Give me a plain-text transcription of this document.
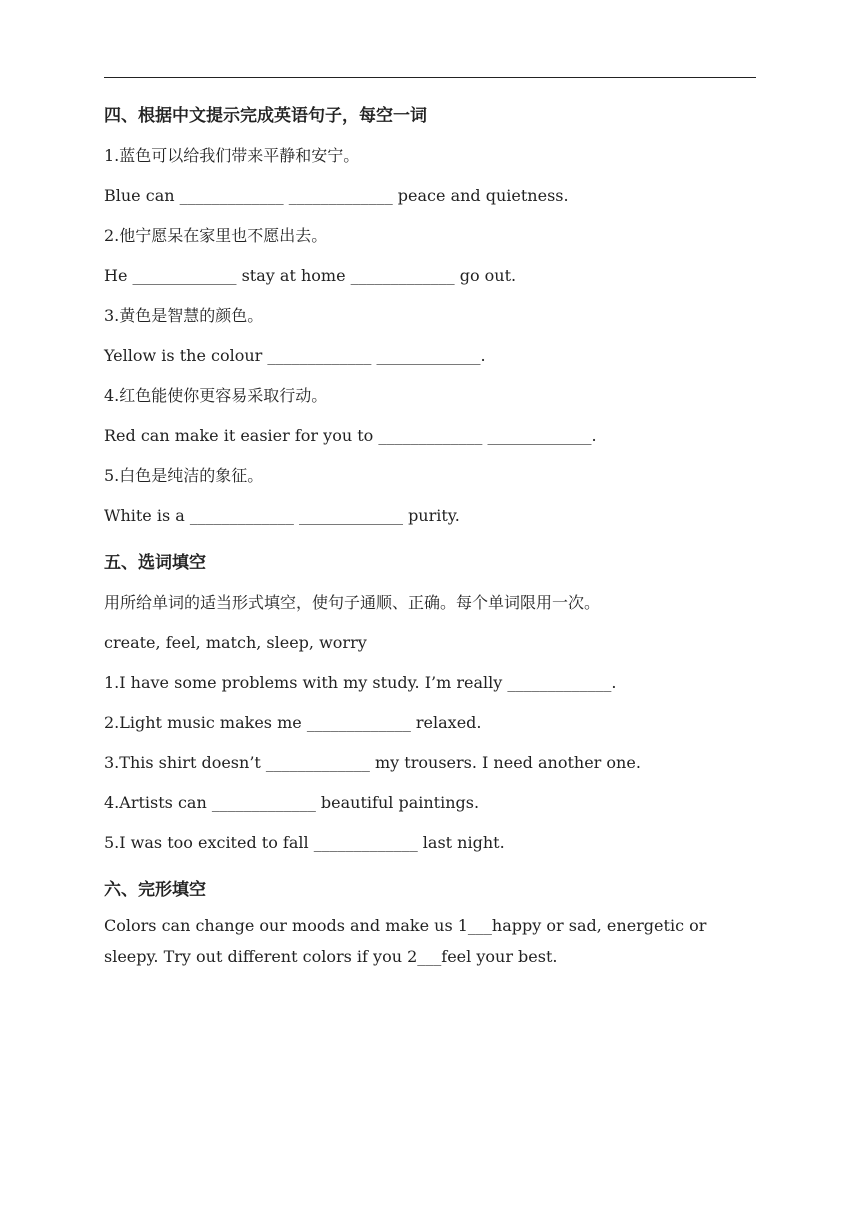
四、根据中文提示完成英语句子，每空一词

1.蓝色可以给我们带来平静和安宁。

Blue can _____________ _____________ peace and quietness.

2.他宁愿呆在家里也不愿出去。

He _____________ stay at home _____________ go out.

3.黄色是智慧的颜色。

Yellow is the colour _____________ _____________.

4.红色能使你更容易采取行动。

Red can make it easier for you to _____________ _____________.

5.白色是纯洁的象征。

White is a _____________ _____________ purity.

五、选词填空

用所给单词的适当形式填空，使句子通顺、正确。每个单词限用一次。

create, feel, match, sleep, worry

1.I have some problems with my study. I’m really _____________.

2.Light music makes me _____________ relaxed.

3.This shirt doesn’t _____________ my trousers. I need another one.

4.Artists can _____________ beautiful paintings.

5.I was too excited to fall _____________ last night.

六、完形填空

Colors can change our moods and make us 1___happy or sad, energetic or sleepy. Try out different colors if you 2___feel your best.
